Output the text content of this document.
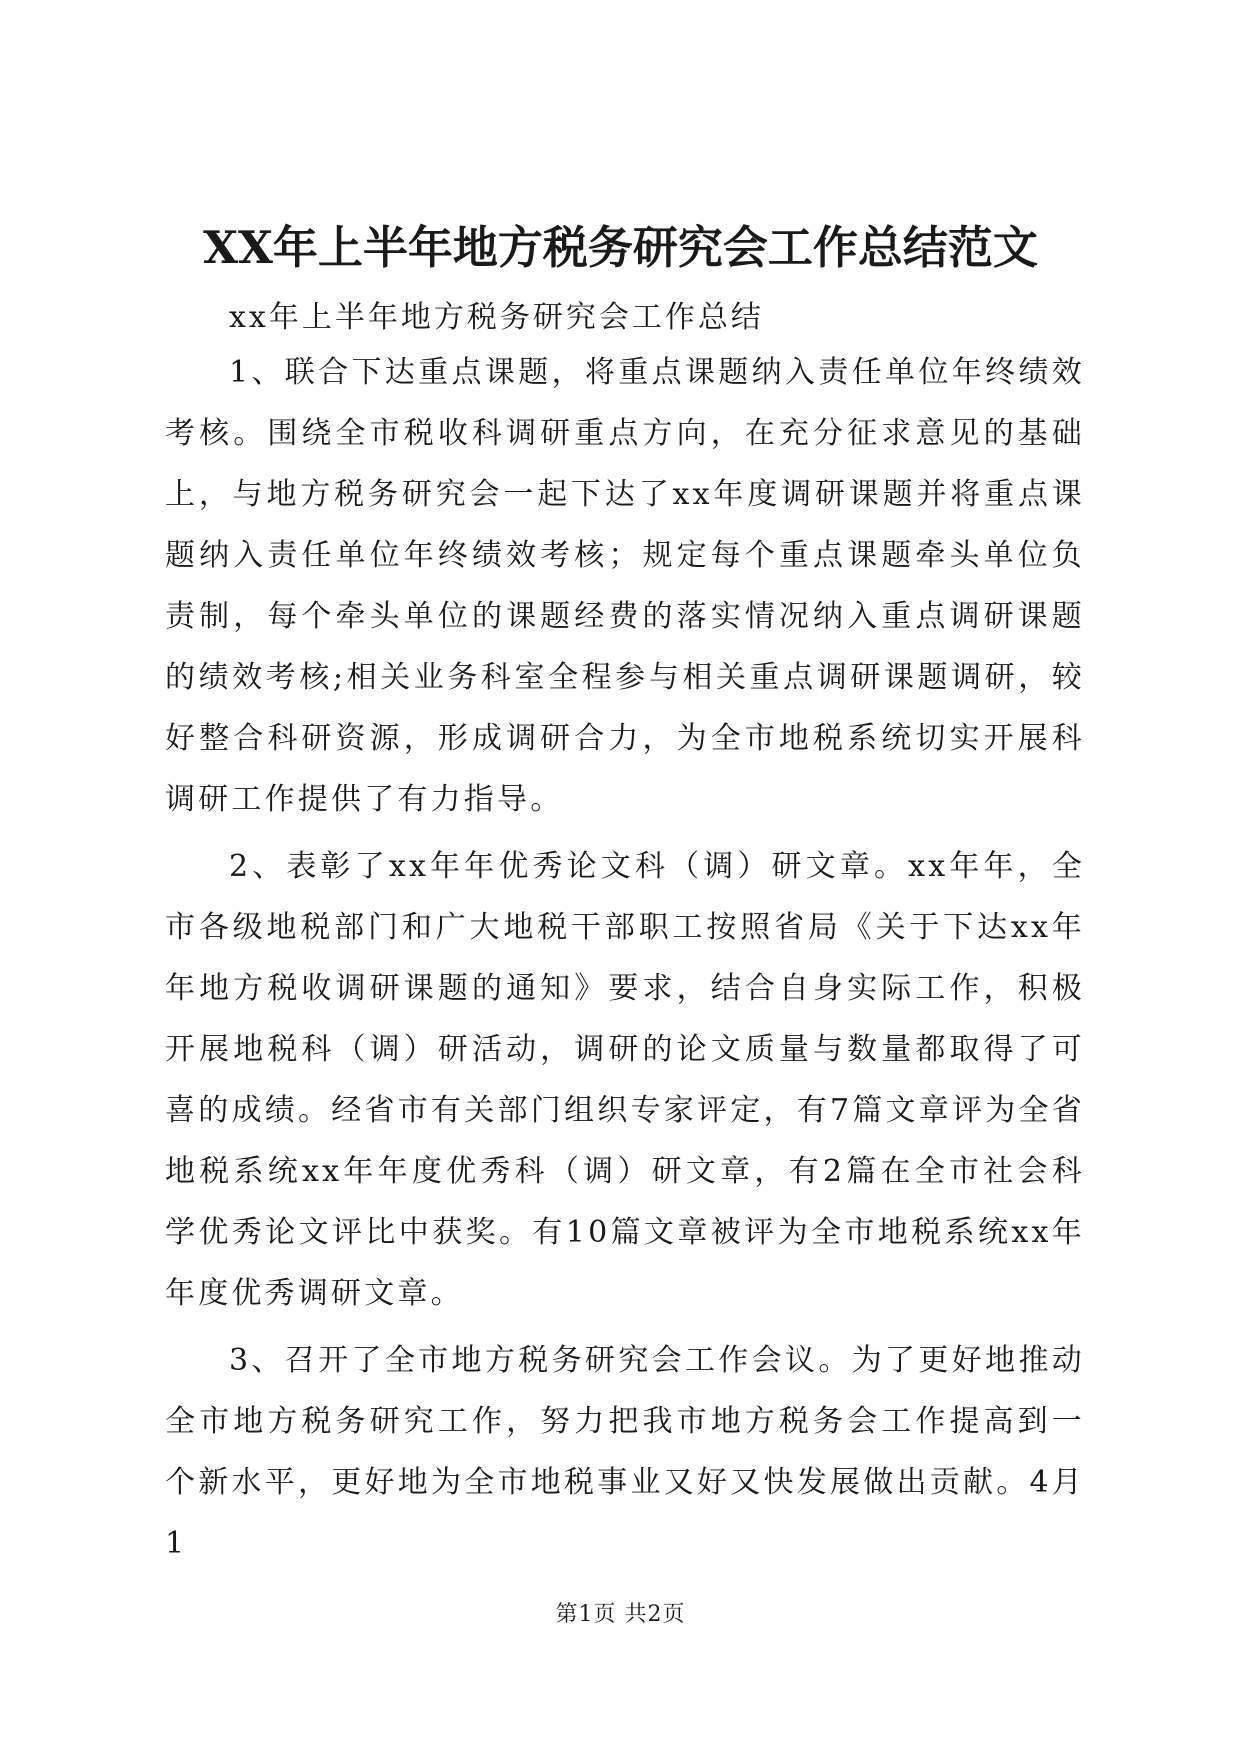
XX年上半年地方税务研究会工作总结范文

xx年上半年地方税务研究会工作总结

1、联合下达重点课题，将重点课题纳入责任单位年终绩效考核。围绕全市税收科调研重点方向，在充分征求意见的基础上，与地方税务研究会一起下达了xx年度调研课题并将重点课题纳入责任单位年终绩效考核；规定每个重点课题牵头单位负责制，每个牵头单位的课题经费的落实情况纳入重点调研课题的绩效考核;相关业务科室全程参与相关重点调研课题调研，较好整合科研资源，形成调研合力，为全市地税系统切实开展科调研工作提供了有力指导。

2、表彰了xx年年优秀论文科（调）研文章。xx年年，全市各级地税部门和广大地税干部职工按照省局《关于下达xx年年地方税收调研课题的通知》要求，结合自身实际工作，积极开展地税科（调）研活动，调研的论文质量与数量都取得了可喜的成绩。经省市有关部门组织专家评定，有7篇文章评为全省地税系统xx年年度优秀科（调）研文章，有2篇在全市社会科学优秀论文评比中获奖。有10篇文章被评为全市地税系统xx年年度优秀调研文章。

3、召开了全市地方税务研究会工作会议。为了更好地推动全市地方税务研究工作，努力把我市地方税务会工作提高到一个新水平，更好地为全市地税事业又好又快发展做出贡献。4月1

第1页 共2页
